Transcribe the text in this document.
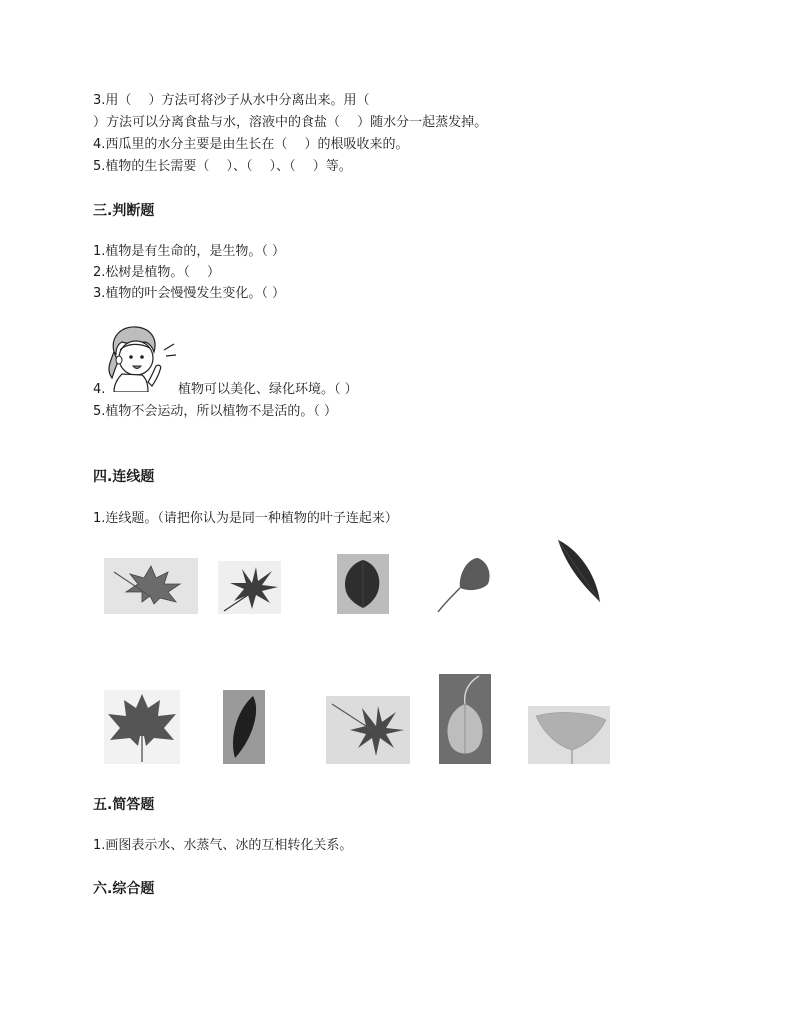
3.用（　 ）方法可将沙子从水中分离出来。用（
）方法可以分离食盐与水，溶液中的食盐（　 ）随水分一起蒸发掉。
4.西瓜里的水分主要是由生长在（　 ）的根吸收来的。
5.植物的生长需要（　 ）、（　 ）、（　 ）等。
三.判断题
1.植物是有生命的，是生物。（ ）
2.松树是植物。（　 ）
3.植物的叶会慢慢发生变化。（ ）
4.	植物可以美化、绿化环境。（ ）
5.植物不会运动，所以植物不是活的。（ ）
四.连线题
1.连线题。（请把你认为是同一种植物的叶子连起来）
五.简答题
1.画图表示水、水蒸气、冰的互相转化关系。
六.综合题
